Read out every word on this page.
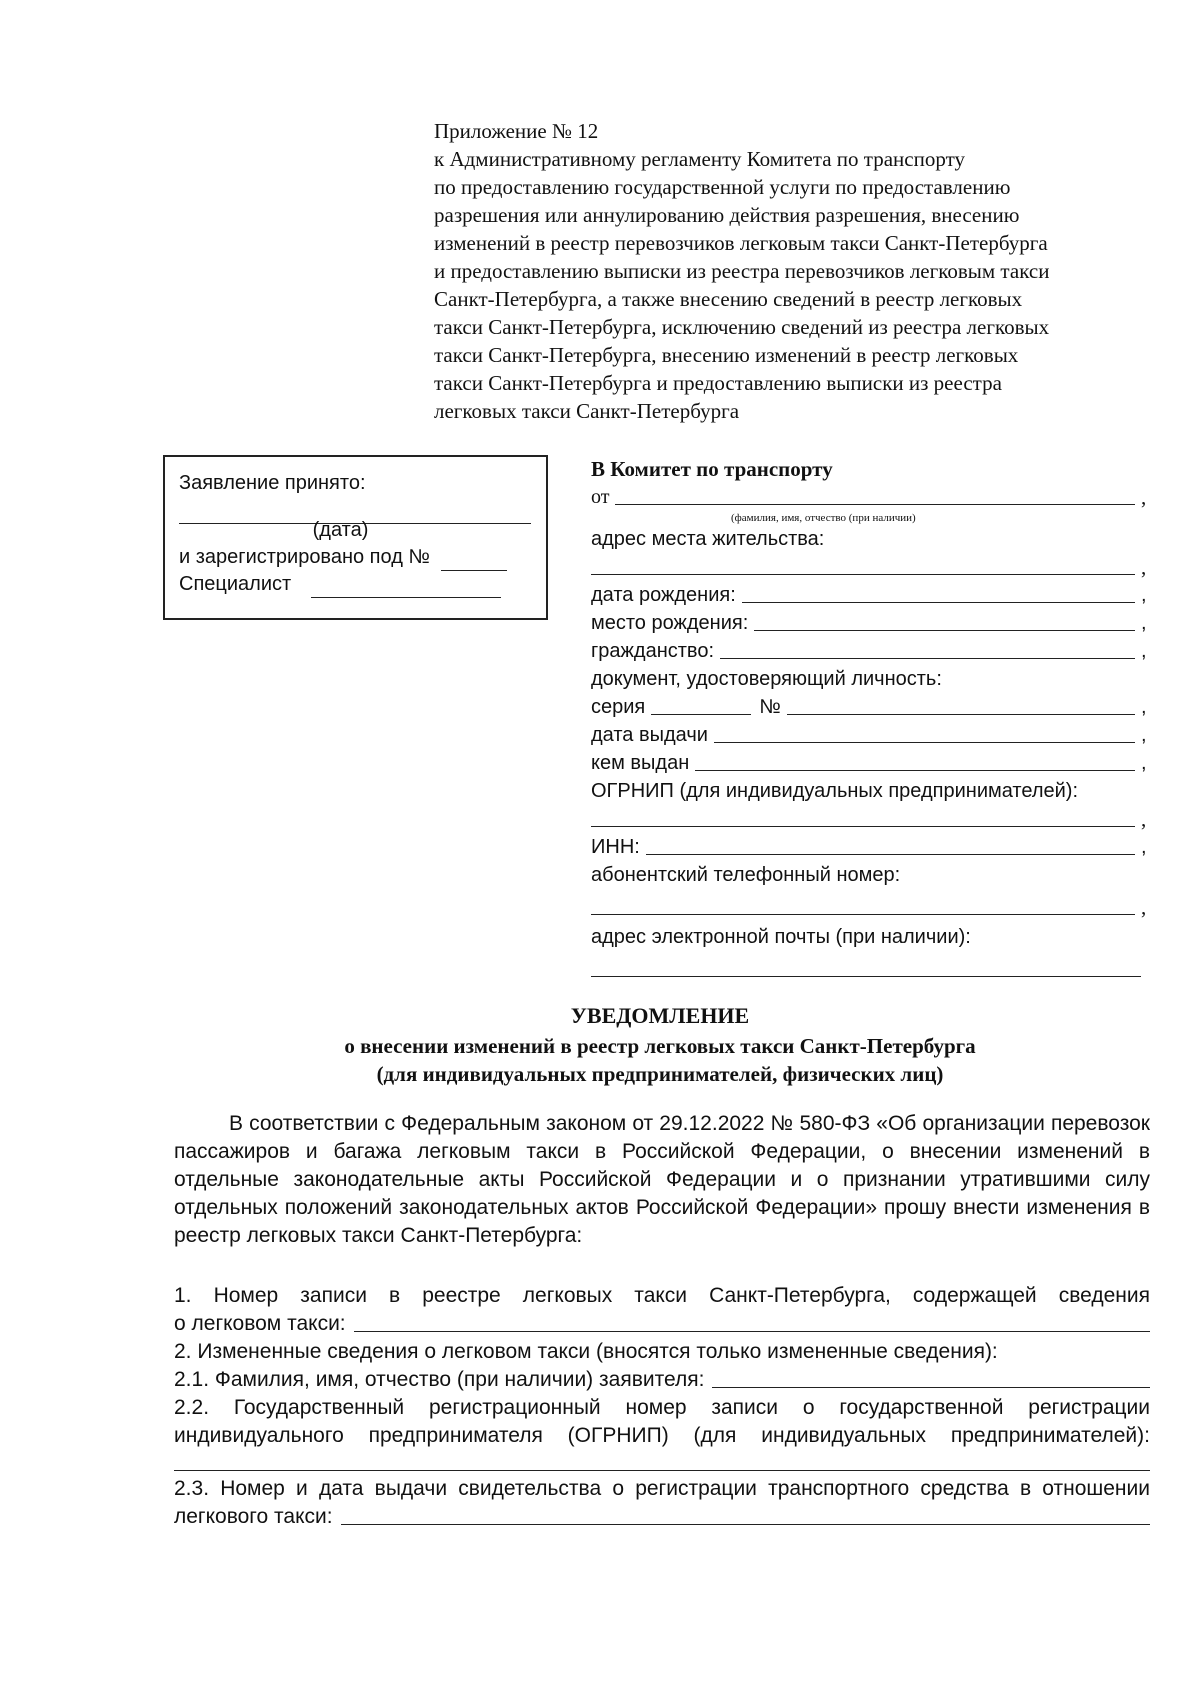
Приложение № 12
к Административному регламенту Комитета по транспорту
по предоставлению государственной услуги по предоставлению
разрешения или аннулированию действия разрешения, внесению
изменений в реестр перевозчиков легковым такси Санкт-Петербурга
и предоставлению выписки из реестра перевозчиков легковым такси
Санкт-Петербурга, а также внесению сведений в реестр легковых
такси Санкт-Петербурга, исключению сведений из реестра легковых
такси Санкт-Петербурга, внесению изменений в реестр легковых
такси Санкт-Петербурга и предоставлению выписки из реестра
легковых такси Санкт-Петербурга
Заявление принято:
(дата)
и зарегистрировано под №
Специалист
В Комитет по транспорту
от	,
(фамилия, имя, отчество (при наличии)
адрес места жительства:
,
дата рождения:	,
место рождения:	,
гражданство:	,
документ, удостоверяющий личность:
серия	№	,
дата выдачи	,
кем выдан	,
ОГРНИП (для индивидуальных предпринимателей):
,
ИНН:	,
абонентский телефонный номер:
,
адрес электронной почты (при наличии):
УВЕДОМЛЕНИЕ
о внесении изменений в реестр легковых такси Санкт-Петербурга
(для индивидуальных предпринимателей, физических лиц)
В соответствии с Федеральным законом от 29.12.2022 № 580-ФЗ «Об организации перевозок пассажиров и багажа легковым такси в Российской Федерации, о внесении изменений в отдельные законодательные акты Российской Федерации и о признании утратившими силу отдельных положений законодательных актов Российской Федерации» прошу внести изменения в реестр легковых такси Санкт-Петербурга:
1. Номер записи в реестре легковых такси Санкт-Петербурга, содержащей сведения
о легковом такси:
2. Измененные сведения о легковом такси (вносятся только измененные сведения):
2.1. Фамилия, имя, отчество (при наличии) заявителя:
2.2. Государственный регистрационный номер записи о государственной регистрации
индивидуального предпринимателя (ОГРНИП) (для индивидуальных предпринимателей):
2.3. Номер и дата выдачи свидетельства о регистрации транспортного средства в отношении
легкового такси:
